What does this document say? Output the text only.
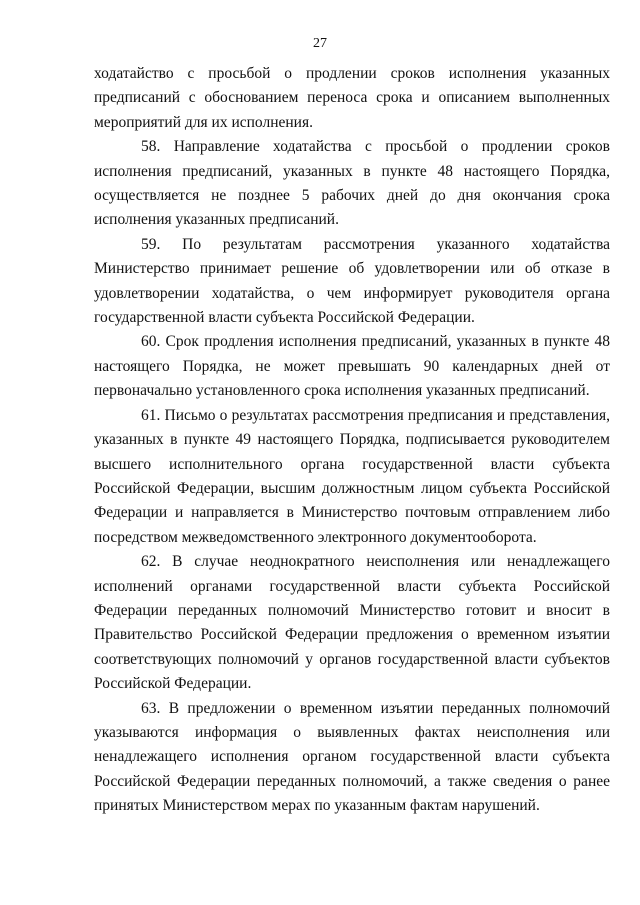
27

ходатайство с просьбой о продлении сроков исполнения указанных предписаний с обоснованием переноса срока и описанием выполненных мероприятий для их исполнения.

58. Направление ходатайства с просьбой о продлении сроков исполнения предписаний, указанных в пункте 48 настоящего Порядка, осуществляется не позднее 5 рабочих дней до дня окончания срока исполнения указанных предписаний.

59. По результатам рассмотрения указанного ходатайства Министерство принимает решение об удовлетворении или об отказе в удовлетворении ходатайства, о чем информирует руководителя органа государственной власти субъекта Российской Федерации.

60. Срок продления исполнения предписаний, указанных в пункте 48 настоящего Порядка, не может превышать 90 календарных дней от первоначально установленного срока исполнения указанных предписаний.

61. Письмо о результатах рассмотрения предписания и представления, указанных в пункте 49 настоящего Порядка, подписывается руководителем высшего исполнительного органа государственной власти субъекта Российской Федерации, высшим должностным лицом субъекта Российской Федерации и направляется в Министерство почтовым отправлением либо посредством межведомственного электронного документооборота.

62. В случае неоднократного неисполнения или ненадлежащего исполнений органами государственной власти субъекта Российской Федерации переданных полномочий Министерство готовит и вносит в Правительство Российской Федерации предложения о временном изъятии соответствующих полномочий у органов государственной власти субъектов Российской Федерации.

63. В предложении о временном изъятии переданных полномочий указываются информация о выявленных фактах неисполнения или ненадлежащего исполнения органом государственной власти субъекта Российской Федерации переданных полномочий, а также сведения о ранее принятых Министерством мерах по указанным фактам нарушений.
